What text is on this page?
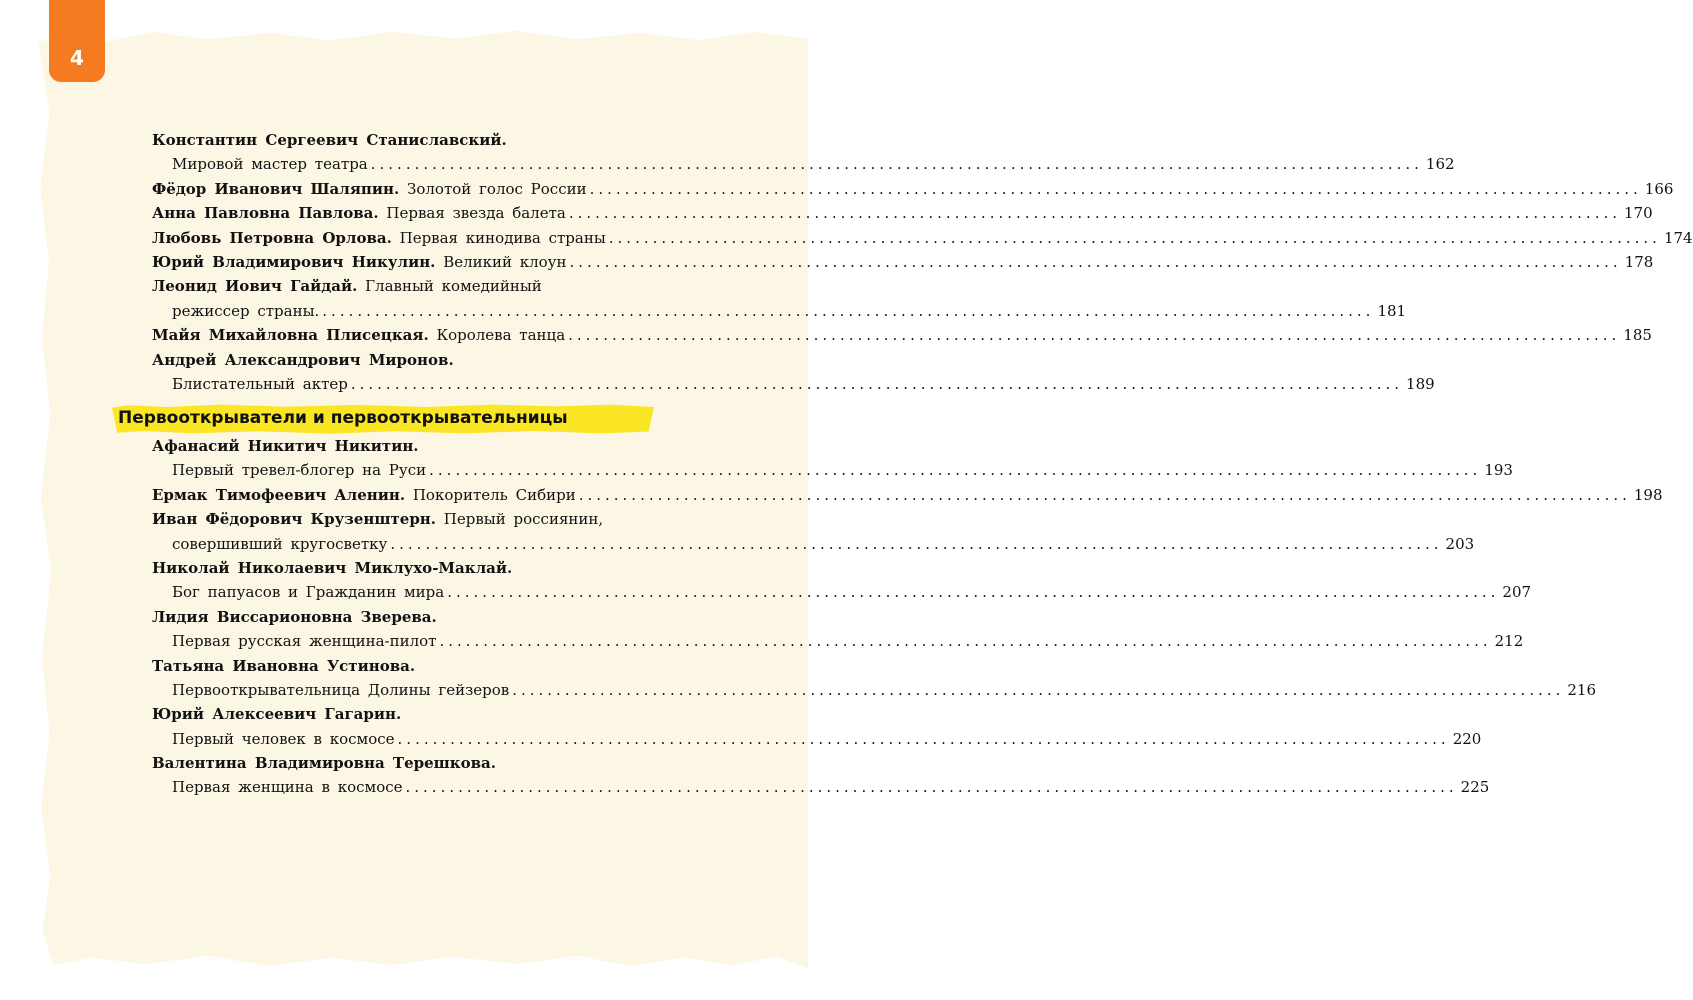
4
Константин Сергеевич Станиславский.
Мировой мастер театра ........................................................................................................................ 162
Фёдор Иванович Шаляпин. Золотой голос России ........................................................................................................................ 166
Анна Павловна Павлова. Первая звезда балета ........................................................................................................................ 170
Любовь Петровна Орлова. Первая кинодива страны ........................................................................................................................ 174
Юрий Владимирович Никулин. Великий клоун ........................................................................................................................ 178
Леонид Иович Гайдай. Главный комедийный
режиссер страны. ........................................................................................................................ 181
Майя Михайловна Плисецкая. Королева танца ........................................................................................................................ 185
Андрей Александрович Миронов.
Блистательный актер ........................................................................................................................ 189
Первооткрыватели и первооткрывательницы
Афанасий Никитич Никитин.
Первый тревел-блогер на Руси ........................................................................................................................ 193
Ермак Тимофеевич Аленин. Покоритель Сибири ........................................................................................................................ 198
Иван Фёдорович Крузенштерн. Первый россиянин,
совершивший кругосветку ........................................................................................................................ 203
Николай Николаевич Миклухо-Маклай.
Бог папуасов и Гражданин мира ........................................................................................................................ 207
Лидия Виссарионовна Зверева.
Первая русская женщина-пилот ........................................................................................................................ 212
Татьяна Ивановна Устинова.
Первооткрывательница Долины гейзеров ........................................................................................................................ 216
Юрий Алексеевич Гагарин.
Первый человек в космосе ........................................................................................................................ 220
Валентина Владимировна Терешкова.
Первая женщина в космосе ........................................................................................................................ 225
